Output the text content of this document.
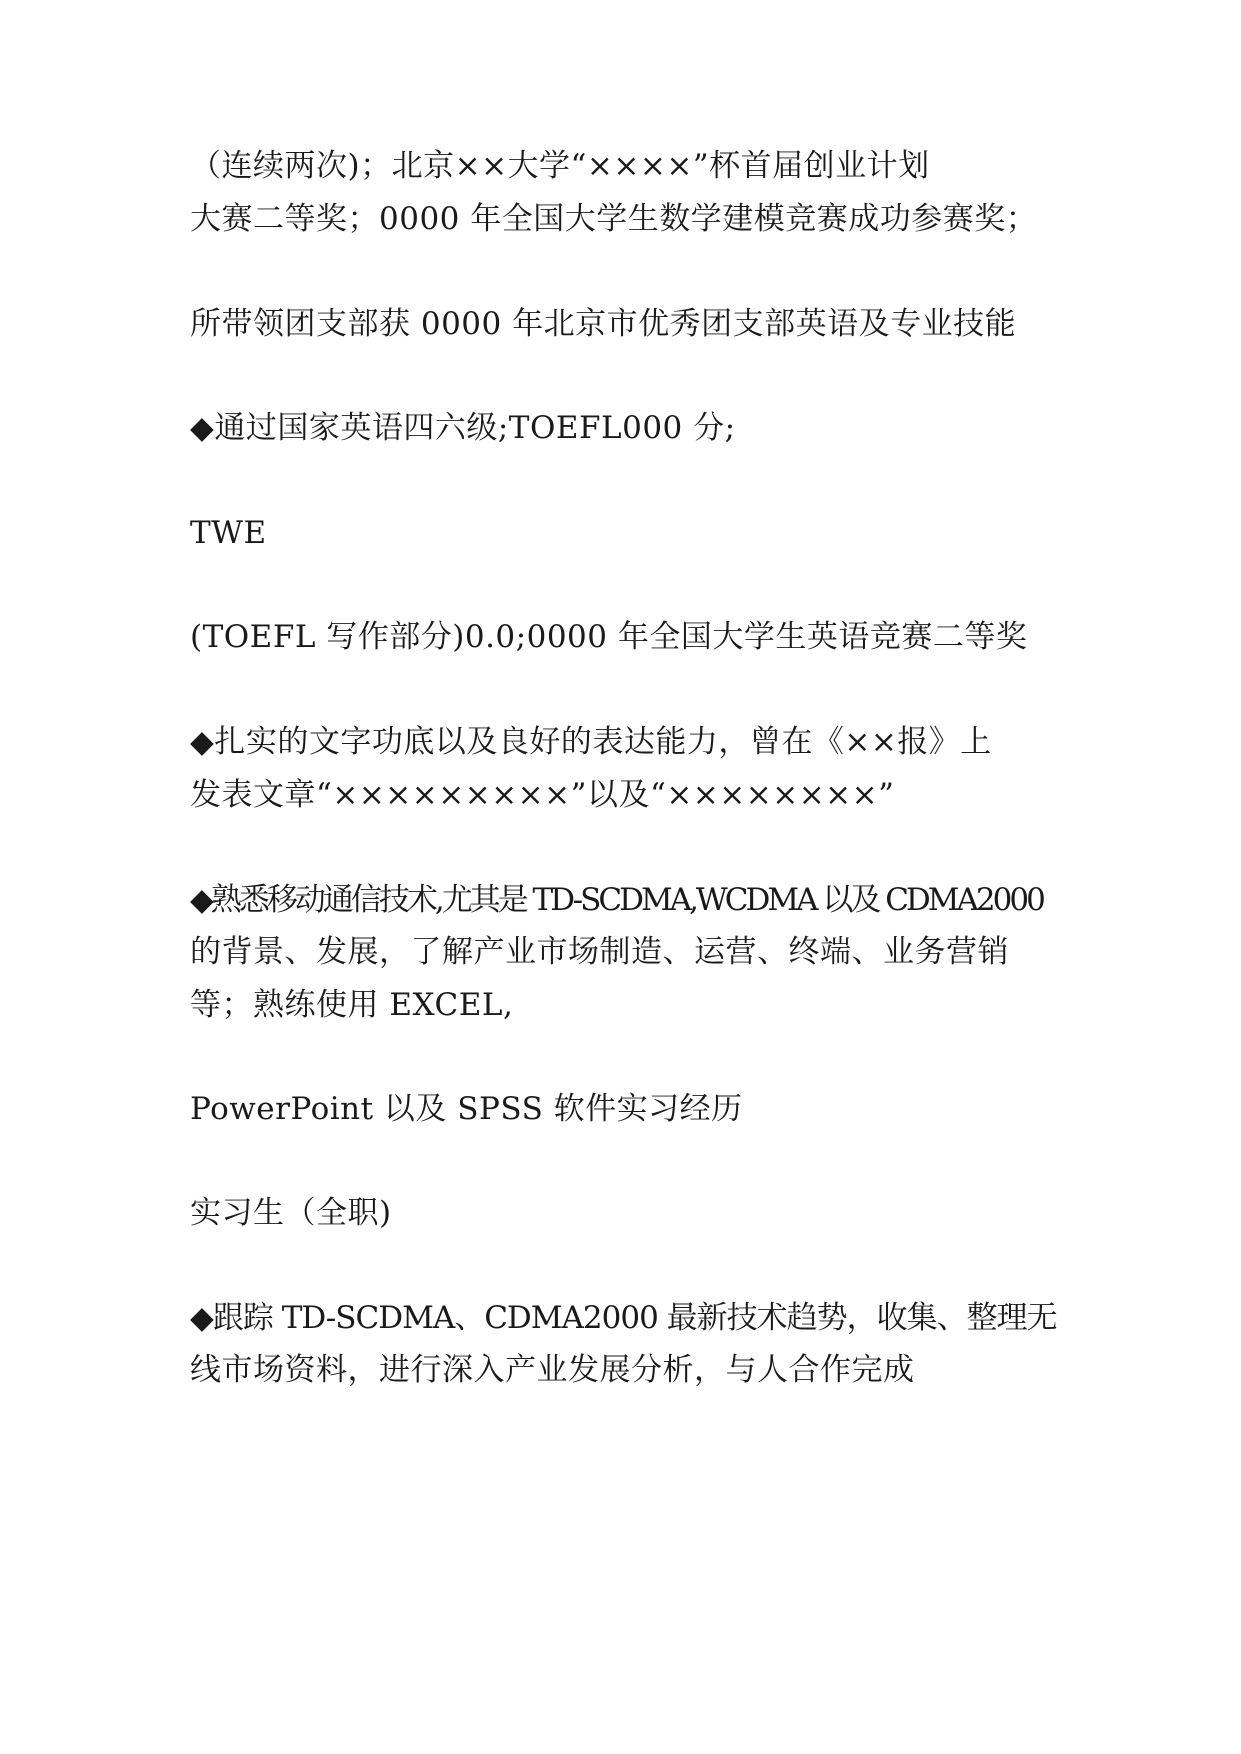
（连续两次)；北京××大学“××××”杯首届创业计划
大赛二等奖；0000 年全国大学生数学建模竞赛成功参赛奖；
所带领团支部获 0000 年北京市优秀团支部英语及专业技能
◆通过国家英语四六级;TOEFL000 分;
TWE
(TOEFL 写作部分)0.0;0000 年全国大学生英语竞赛二等奖
◆扎实的文字功底以及良好的表达能力，曾在《××报》上
发表文章“×××××××××”以及“××××××××”
◆熟悉移动通信技术,尤其是 TD-SCDMA,WCDMA 以及 CDMA2000
的背景、发展，了解产业市场制造、运营、终端、业务营销
等；熟练使用 EXCEL,
PowerPoint 以及 SPSS 软件实习经历
实习生（全职)
◆跟踪 TD-SCDMA、CDMA2000 最新技术趋势，收集、整理无
线市场资料，进行深入产业发展分析，与人合作完成
